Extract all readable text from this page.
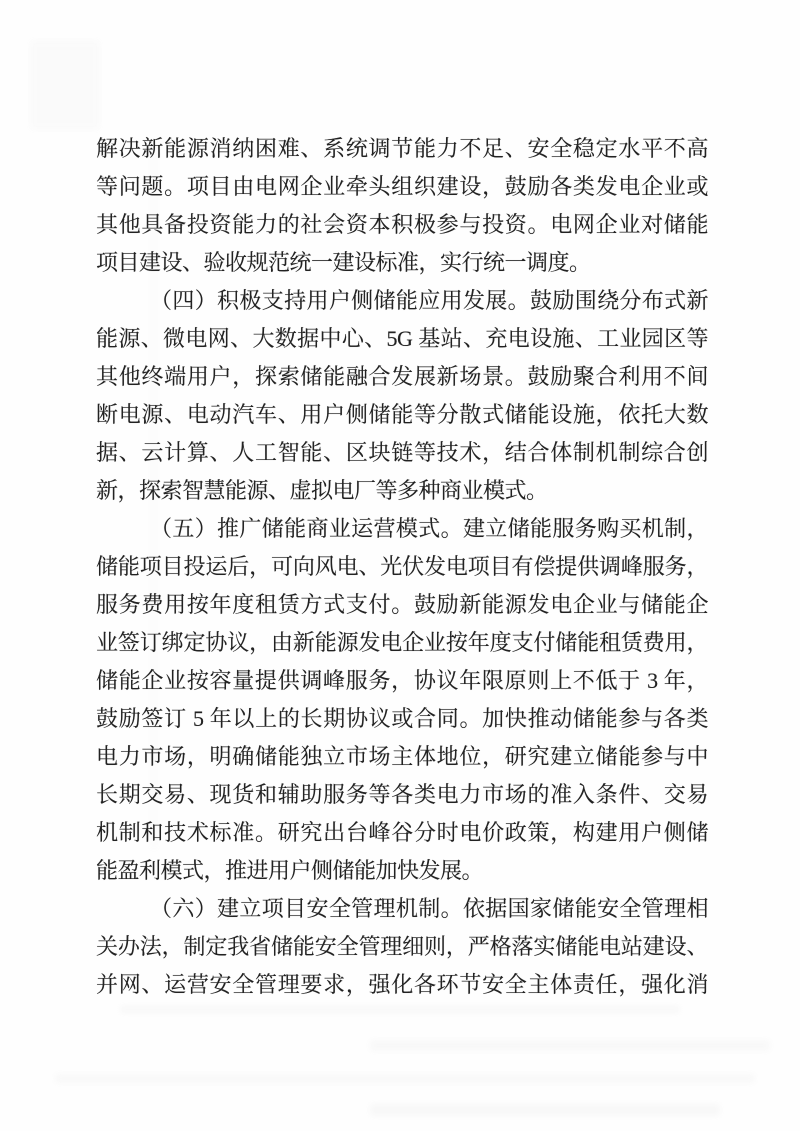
解决新能源消纳困难、系统调节能力不足、安全稳定水平不高
等问题。项目由电网企业牵头组织建设，鼓励各类发电企业或
其他具备投资能力的社会资本积极参与投资。电网企业对储能
项目建设、验收规范统一建设标准，实行统一调度。
（四）积极支持用户侧储能应用发展。鼓励围绕分布式新
能源、微电网、大数据中心、5G 基站、充电设施、工业园区等
其他终端用户，探索储能融合发展新场景。鼓励聚合利用不间
断电源、电动汽车、用户侧储能等分散式储能设施，依托大数
据、云计算、人工智能、区块链等技术，结合体制机制综合创
新，探索智慧能源、虚拟电厂等多种商业模式。
（五）推广储能商业运营模式。建立储能服务购买机制，
储能项目投运后，可向风电、光伏发电项目有偿提供调峰服务，
服务费用按年度租赁方式支付。鼓励新能源发电企业与储能企
业签订绑定协议，由新能源发电企业按年度支付储能租赁费用，
储能企业按容量提供调峰服务，协议年限原则上不低于 3 年，
鼓励签订 5 年以上的长期协议或合同。加快推动储能参与各类
电力市场，明确储能独立市场主体地位，研究建立储能参与中
长期交易、现货和辅助服务等各类电力市场的准入条件、交易
机制和技术标准。研究出台峰谷分时电价政策，构建用户侧储
能盈利模式，推进用户侧储能加快发展。
（六）建立项目安全管理机制。依据国家储能安全管理相
关办法，制定我省储能安全管理细则，严格落实储能电站建设、
并网、运营安全管理要求，强化各环节安全主体责任，强化消
